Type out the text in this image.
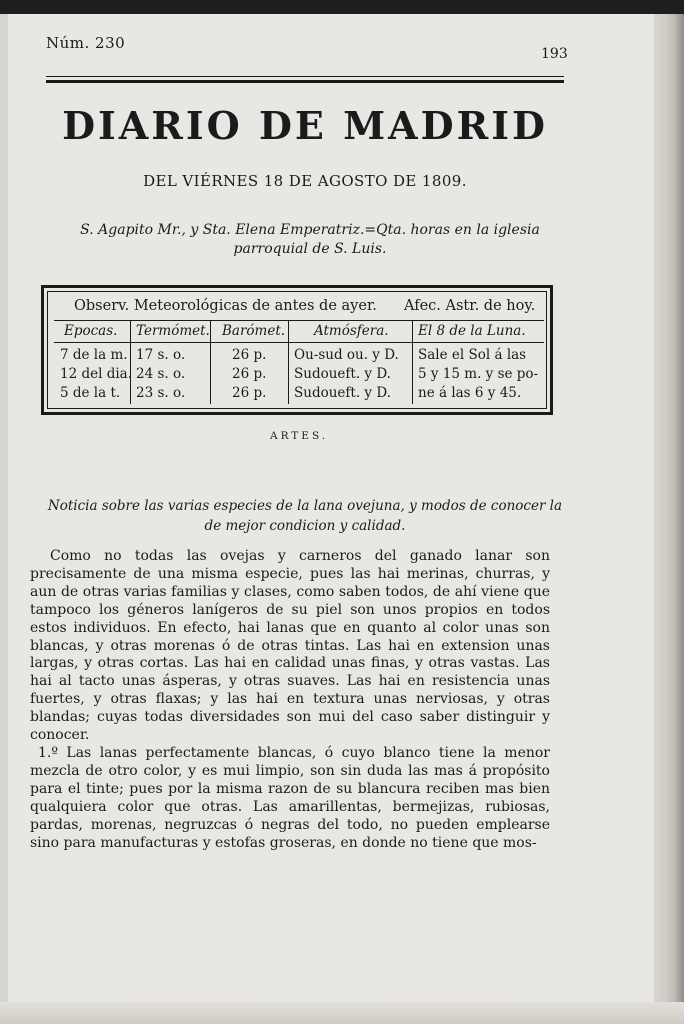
Núm. 230
193
DIARIO DE MADRID
DEL VIÉRNES 18 DE AGOSTO DE 1809.
S. Agapito Mr., y Sta. Elena Emperatriz.=Qta. horas en la iglesia parroquial de S. Luis.
Observ. Meteorológicas de antes de ayer. Afec. Astr. de hoy.
Epocas. Termómet. Barómet. Atmósfera. El 8 de la Luna.
7 de la m.
12 del dia.
5 de la t.
17 s. o.
24 s. o.
23 s. o.
26 p.
26 p.
26 p.
Ou-sud ou. y D.
Sudoueft. y D.
Sudoueft. y D.
Sale el Sol á las
5 y 15 m. y se po-
ne á las 6 y 45.
ARTES.
Noticia sobre las varias especies de la lana ovejuna, y modos de conocer la de mejor condicion y calidad.

Como no todas las ovejas y carneros del ganado lanar son precisamente de una misma especie, pues las hai merinas, churras, y aun de otras varias familias y clases, como saben todos, de ahí viene que tampoco los géneros lanígeros de su piel son unos propios en todos estos individuos. En efecto, hai lanas que en quanto al color unas son blancas, y otras morenas ó de otras tintas. Las hai en extension unas largas, y otras cortas. Las hai en calidad unas finas, y otras vastas. Las hai al tacto unas ásperas, y otras suaves. Las hai en resistencia unas fuertes, y otras flaxas; y las hai en textura unas nerviosas, y otras blandas; cuyas todas diversidades son mui del caso saber distinguir y conocer.

1.º Las lanas perfectamente blancas, ó cuyo blanco tiene la menor mezcla de otro color, y es mui limpio, son sin duda las mas á propósito para el tinte; pues por la misma razon de su blancura reciben mas bien qualquiera color que otras. Las amarillentas, bermejizas, rubiosas, pardas, morenas, negruzcas ó negras del todo, no pueden emplearse sino para manufacturas y estofas groseras, en donde no tiene que mos-
